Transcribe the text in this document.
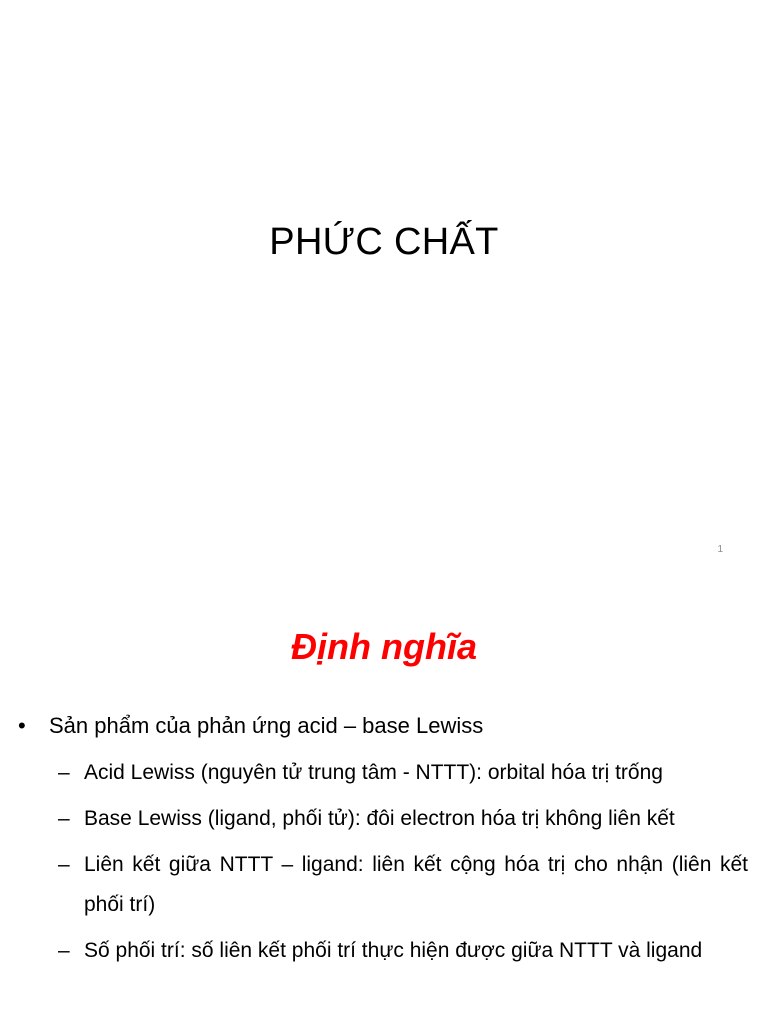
PHỨC CHẤT
1
Định nghĩa
• Sản phẩm của phản ứng acid – base Lewiss
– Acid Lewiss (nguyên tử trung tâm - NTTT): orbital hóa trị trống
– Base Lewiss (ligand, phối tử): đôi electron hóa trị không liên kết
– Liên kết giữa NTTT – ligand: liên kết cộng hóa trị cho nhận (liên kết phối trí)
– Số phối trí: số liên kết phối trí thực hiện được giữa NTTT và ligand
